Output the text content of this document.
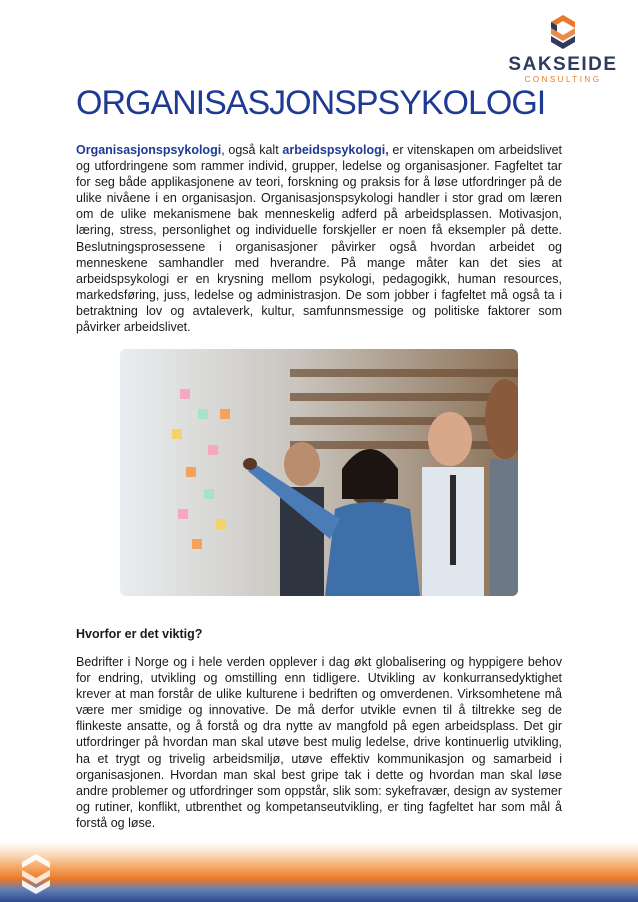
SAKSEIDE
CONSULTING
ORGANISASJONSPSYKOLOGI

Organisasjonspsykologi, også kalt arbeidspsykologi, er vitenskapen om arbeidslivet og utfordringene som rammer individ, grupper, ledelse og organisasjoner. Fagfeltet tar for seg både applikasjonene av teori, forskning og praksis for å løse utfordringer på de ulike nivåene i en organisasjon. Organisasjonspsykologi handler i stor grad om læren om de ulike mekanismene bak menneskelig adferd på arbeidsplassen. Motivasjon, læring, stress, personlighet og individuelle forskjeller er noen få eksempler på dette. Beslutningsprosessene i organisasjoner påvirker også hvordan arbeidet og menneskene samhandler med hverandre. På mange måter kan det sies at arbeidspsykologi er en krysning mellom psykologi, pedagogikk, human resources, markedsføring, juss, ledelse og administrasjon. De som jobber i fagfeltet må også ta i betraktning lov og avtaleverk, kultur, samfunnsmessige og politiske faktorer som påvirker arbeidslivet.

Hvorfor er det viktig?

Bedrifter i Norge og i hele verden opplever i dag økt globalisering og hyppigere behov for endring, utvikling og omstilling enn tidligere. Utvikling av konkurransedyktighet krever at man forstår de ulike kulturene i bedriften og omverdenen. Virksomhetene må være mer smidige og innovative. De må derfor utvikle evnen til å tiltrekke seg de flinkeste ansatte, og å forstå og dra nytte av mangfold på egen arbeidsplass. Det gir utfordringer på hvordan man skal utøve best mulig ledelse, drive kontinuerlig utvikling, ha et trygt og trivelig arbeidsmiljø, utøve effektiv kommunikasjon og samarbeid i organisasjonen. Hvordan man skal best gripe tak i dette og hvordan man skal løse andre problemer og utfordringer som oppstår, slik som: sykefravær, design av systemer og rutiner, konflikt, utbrenthet og kompetanseutvikling, er ting fagfeltet har som mål å forstå og løse.
